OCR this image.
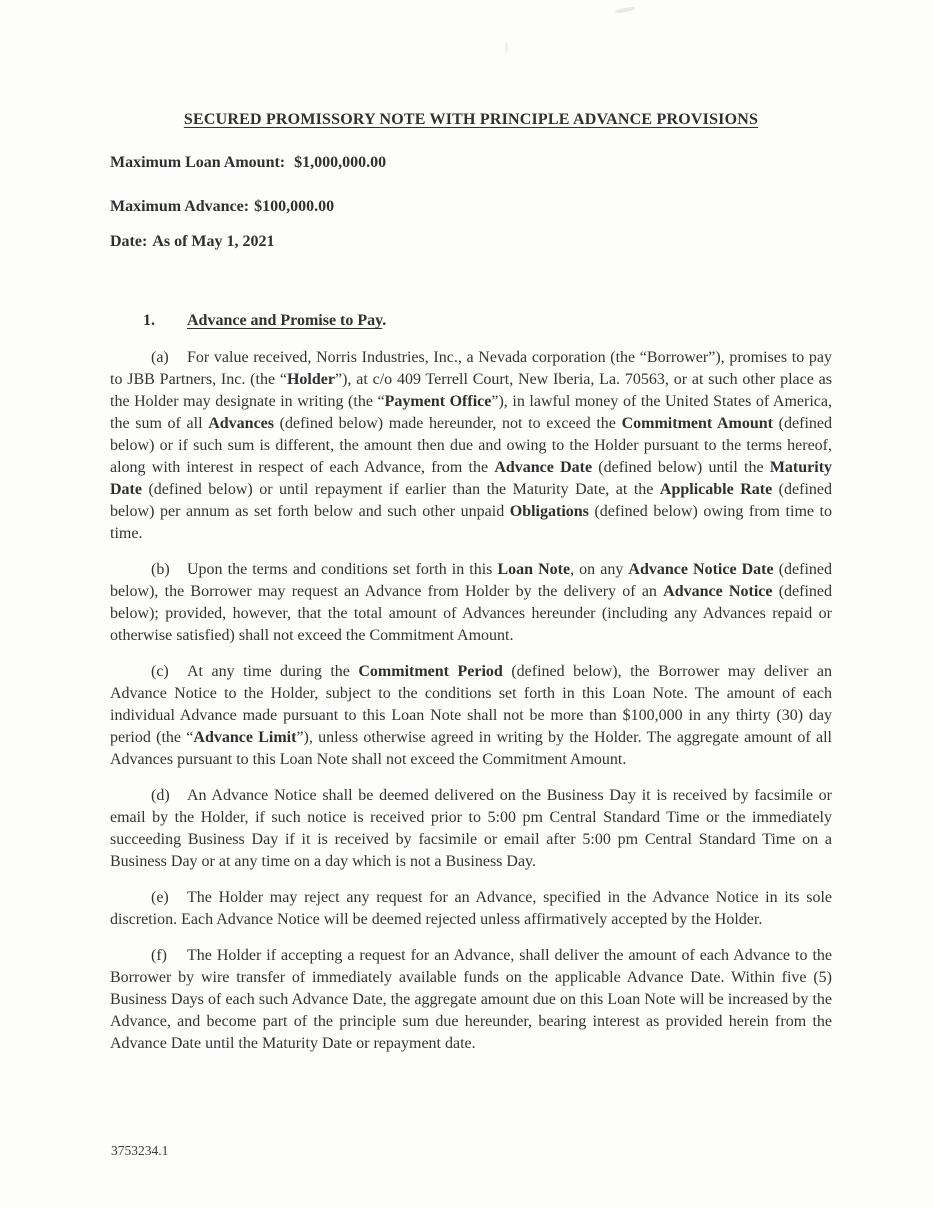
SECURED PROMISSORY NOTE WITH PRINCIPLE ADVANCE PROVISIONS
Maximum Loan Amount: $1,000,000.00
Maximum Advance: $100,000.00
Date: As of May 1, 2021
1. Advance and Promise to Pay.

(a) For value received, Norris Industries, Inc., a Nevada corporation (the “Borrower”), promises to pay to JBB Partners, Inc. (the “Holder”), at c/o 409 Terrell Court, New Iberia, La. 70563, or at such other place as the Holder may designate in writing (the “Payment Office”), in lawful money of the United States of America, the sum of all Advances (defined below) made hereunder, not to exceed the Commitment Amount (defined below) or if such sum is different, the amount then due and owing to the Holder pursuant to the terms hereof, along with interest in respect of each Advance, from the Advance Date (defined below) until the Maturity Date (defined below) or until repayment if earlier than the Maturity Date, at the Applicable Rate (defined below) per annum as set forth below and such other unpaid Obligations (defined below) owing from time to time.

(b) Upon the terms and conditions set forth in this Loan Note, on any Advance Notice Date (defined below), the Borrower may request an Advance from Holder by the delivery of an Advance Notice (defined below); provided, however, that the total amount of Advances hereunder (including any Advances repaid or otherwise satisfied) shall not exceed the Commitment Amount.

(c) At any time during the Commitment Period (defined below), the Borrower may deliver an Advance Notice to the Holder, subject to the conditions set forth in this Loan Note. The amount of each individual Advance made pursuant to this Loan Note shall not be more than $100,000 in any thirty (30) day period (the “Advance Limit”), unless otherwise agreed in writing by the Holder. The aggregate amount of all Advances pursuant to this Loan Note shall not exceed the Commitment Amount.

(d) An Advance Notice shall be deemed delivered on the Business Day it is received by facsimile or email by the Holder, if such notice is received prior to 5:00 pm Central Standard Time or the immediately succeeding Business Day if it is received by facsimile or email after 5:00 pm Central Standard Time on a Business Day or at any time on a day which is not a Business Day.

(e) The Holder may reject any request for an Advance, specified in the Advance Notice in its sole discretion. Each Advance Notice will be deemed rejected unless affirmatively accepted by the Holder.

(f) The Holder if accepting a request for an Advance, shall deliver the amount of each Advance to the Borrower by wire transfer of immediately available funds on the applicable Advance Date. Within five (5) Business Days of each such Advance Date, the aggregate amount due on this Loan Note will be increased by the Advance, and become part of the principle sum due hereunder, bearing interest as provided herein from the Advance Date until the Maturity Date or repayment date.

3753234.1
